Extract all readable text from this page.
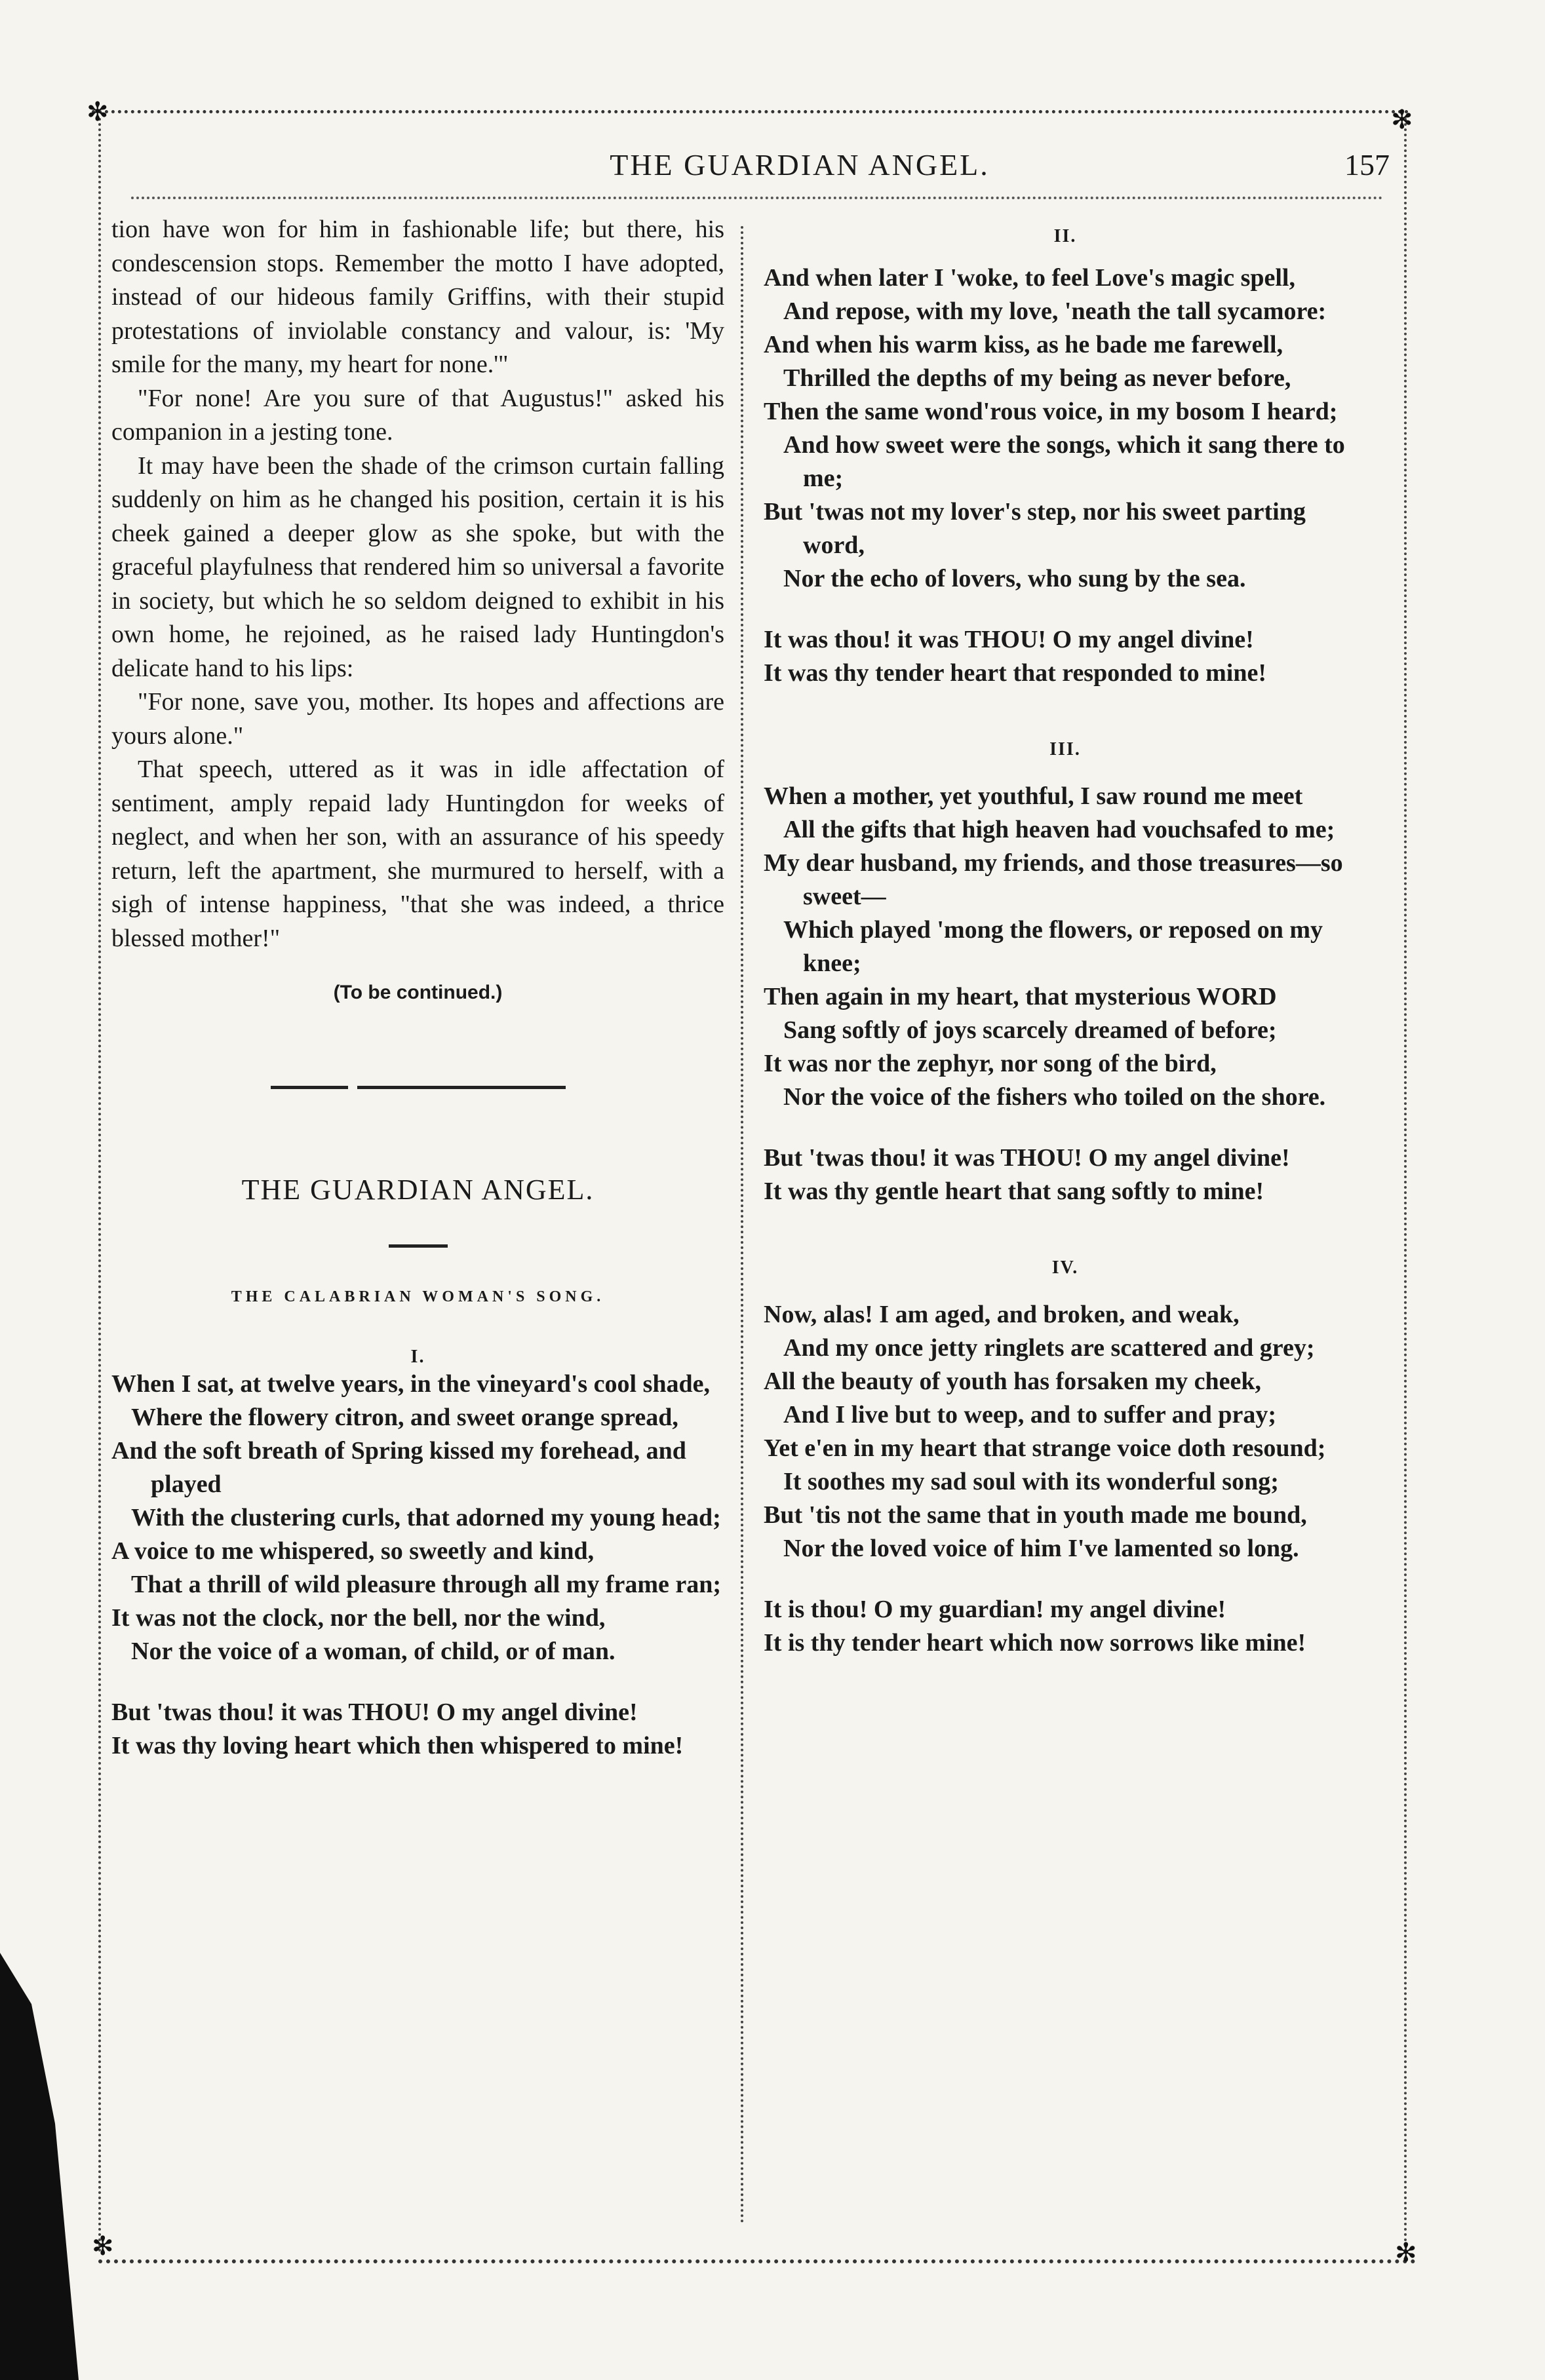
✻	✻
✻	✻
THE GUARDIAN ANGEL.	157

tion have won for him in fashionable life; but there, his condescension stops. Remember the motto I have adopted, instead of our hideous family Griffins, with their stupid protestations of inviolable constancy and valour, is: 'My smile for the many, my heart for none.'"

"For none! Are you sure of that Augustus!" asked his companion in a jesting tone.

It may have been the shade of the crimson curtain falling suddenly on him as he changed his position, certain it is his cheek gained a deeper glow as she spoke, but with the graceful playfulness that rendered him so universal a favorite in society, but which he so seldom deigned to exhibit in his own home, he rejoined, as he raised lady Huntingdon's delicate hand to his lips:

"For none, save you, mother. Its hopes and affections are yours alone."

That speech, uttered as it was in idle affectation of sentiment, amply repaid lady Huntingdon for weeks of neglect, and when her son, with an assurance of his speedy return, left the apartment, she murmured to herself, with a sigh of intense happiness, "that she was indeed, a thrice blessed mother!"

(To be continued.)
THE GUARDIAN ANGEL.
THE CALABRIAN WOMAN'S SONG.
I.
When I sat, at twelve years, in the vineyard's cool shade,
Where the flowery citron, and sweet orange spread,
And the soft breath of Spring kissed my forehead, and played
With the clustering curls, that adorned my young head;
A voice to me whispered, so sweetly and kind,
That a thrill of wild pleasure through all my frame ran;
It was not the clock, nor the bell, nor the wind,
Nor the voice of a woman, of child, or of man.
But 'twas thou! it was THOU! O my angel divine!
It was thy loving heart which then whispered to mine!
II.
And when later I 'woke, to feel Love's magic spell,
And repose, with my love, 'neath the tall sycamore:
And when his warm kiss, as he bade me farewell,
Thrilled the depths of my being as never before,
Then the same wond'rous voice, in my bosom I heard;
And how sweet were the songs, which it sang there to me;
But 'twas not my lover's step, nor his sweet parting word,
Nor the echo of lovers, who sung by the sea.
It was thou! it was THOU! O my angel divine!
It was thy tender heart that responded to mine!
III.
When a mother, yet youthful, I saw round me meet
All the gifts that high heaven had vouchsafed to me;
My dear husband, my friends, and those treasures—so sweet—
Which played 'mong the flowers, or reposed on my knee;
Then again in my heart, that mysterious WORD
Sang softly of joys scarcely dreamed of before;
It was nor the zephyr, nor song of the bird,
Nor the voice of the fishers who toiled on the shore.
But 'twas thou! it was THOU! O my angel divine!
It was thy gentle heart that sang softly to mine!
IV.
Now, alas! I am aged, and broken, and weak,
And my once jetty ringlets are scattered and grey;
All the beauty of youth has forsaken my cheek,
And I live but to weep, and to suffer and pray;
Yet e'en in my heart that strange voice doth resound;
It soothes my sad soul with its wonderful song;
But 'tis not the same that in youth made me bound,
Nor the loved voice of him I've lamented so long.
It is thou! O my guardian! my angel divine!
It is thy tender heart which now sorrows like mine!
